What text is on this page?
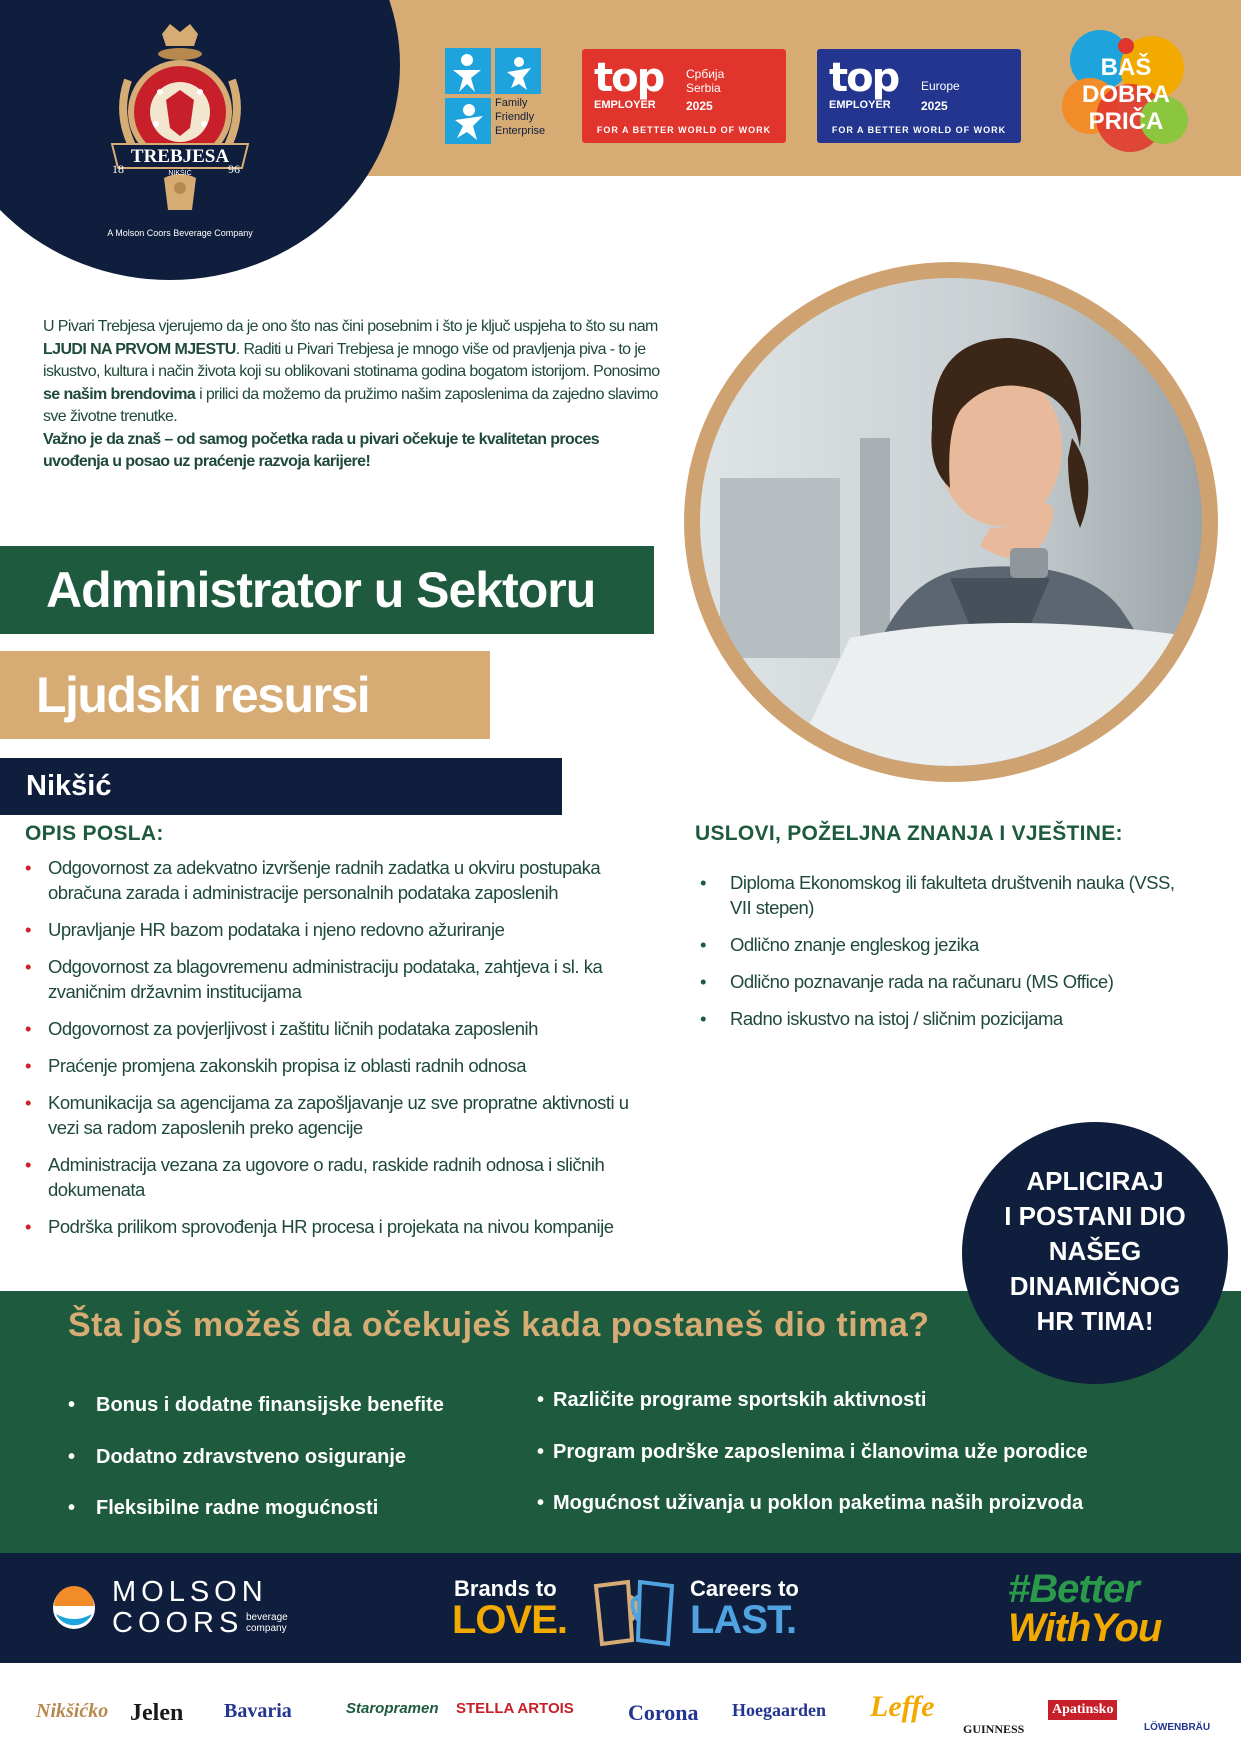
TREBJESA
18	96
NIKŠIĆ
A Molson Coors Beverage Company
Family
Friendly
Enterprise
top
EMPLOYER
Србија
Serbia
2025
FOR A BETTER WORLD OF WORK
top
EMPLOYER
Europe
2025
FOR A BETTER WORLD OF WORK
BAŠ
DOBRA
PRIČA
U Pivari Trebjesa vjerujemo da je ono što nas čini posebnim i što je ključ uspjeha to što su nam LJUDI NA PRVOM MJESTU. Raditi u Pivari Trebjesa je mnogo više od pravljenja piva - to je iskustvo, kultura i način života koji su oblikovani stotinama godina bogatom istorijom. Ponosimo se našim brendovima i prilici da možemo da pružimo našim zaposlenima da zajedno slavimo sve životne trenutke.
Važno je da znaš – od samog početka rada u pivari očekuje te kvalitetan proces uvođenja u posao uz praćenje razvoja karijere!
Administrator u Sektoru
Ljudski resursi
Nikšić
OPIS POSLA:
• Odgovornost za adekvatno izvršenje radnih zadatka u okviru postupaka obračuna zarada i administracije personalnih podataka zaposlenih
• Upravljanje HR bazom podataka i njeno redovno ažuriranje
• Odgovornost za blagovremenu administraciju podataka, zahtjeva i sl. ka zvaničnim državnim institucijama
• Odgovornost za povjerljivost i zaštitu ličnih podataka zaposlenih
• Praćenje promjena zakonskih propisa iz oblasti radnih odnosa
• Komunikacija sa agencijama za zapošljavanje uz sve propratne aktivnosti u vezi sa radom zaposlenih preko agencije
• Administracija vezana za ugovore o radu, raskide radnih odnosa i sličnih dokumenata
• Podrška prilikom sprovođenja HR procesa i projekata na nivou kompanije
USLOVI, POŽELJNA ZNANJA I VJEŠTINE:
• Diploma Ekonomskog ili fakulteta društvenih nauka (VSS, VII stepen)
• Odlično znanje engleskog jezika
• Odlično poznavanje rada na računaru (MS Office)
• Radno iskustvo na istoj / sličnim pozicijama
Šta još možeš da očekuješ kada postaneš dio tima?
• Bonus i dodatne finansijske benefite
• Dodatno zdravstveno osiguranje
• Fleksibilne radne mogućnosti
• Različite programe sportskih aktivnosti
• Program podrške zaposlenima i članovima uže porodice
• Mogućnost uživanja u poklon paketima naših proizvoda
APLICIRAJ
I POSTANI DIO
NAŠEG
DINAMIČNOG
HR TIMA!
MOLSON
COORS beverage
company
Brands to
LOVE.
Careers to
LAST.
#Better
WithYou
Nikšićko Jelen Bavaria	Staropramen STELLA ARTOIS Corona Hoegaarden Leffe
GUINNESS
Apatinsko
LÖWENBRÄU
